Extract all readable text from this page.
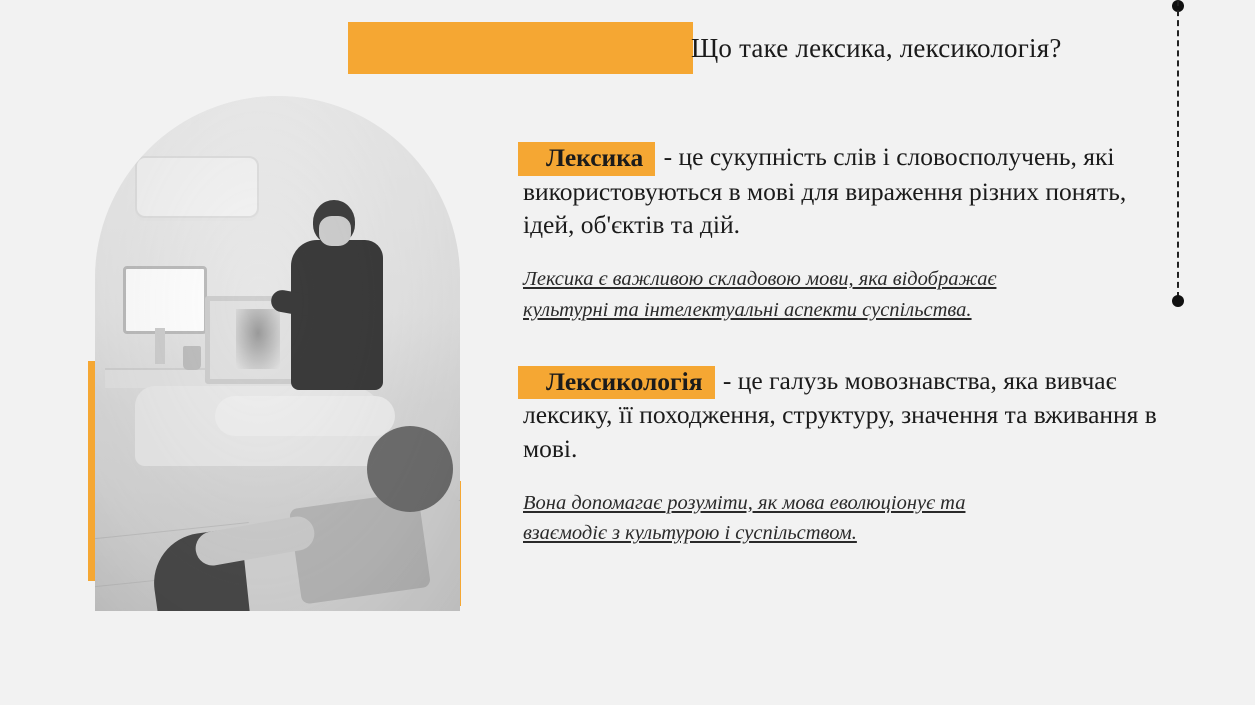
Що таке лексика, лексикологія?
Лексика - це сукупність слів і словосполучень, які використовуються в мові для вираження різних понять, ідей, об'єктів та дій.
Лексика є важливою складовою мови, яка відображає
культурні та інтелектуальні аспекти суспільства.
Лексикологія - це галузь мовознавства, яка вивчає лексику, її походження, структуру, значення та вживання в мові.
Вона допомагає розуміти, як мова еволюціонує та
взаємодіє з культурою і суспільством.
